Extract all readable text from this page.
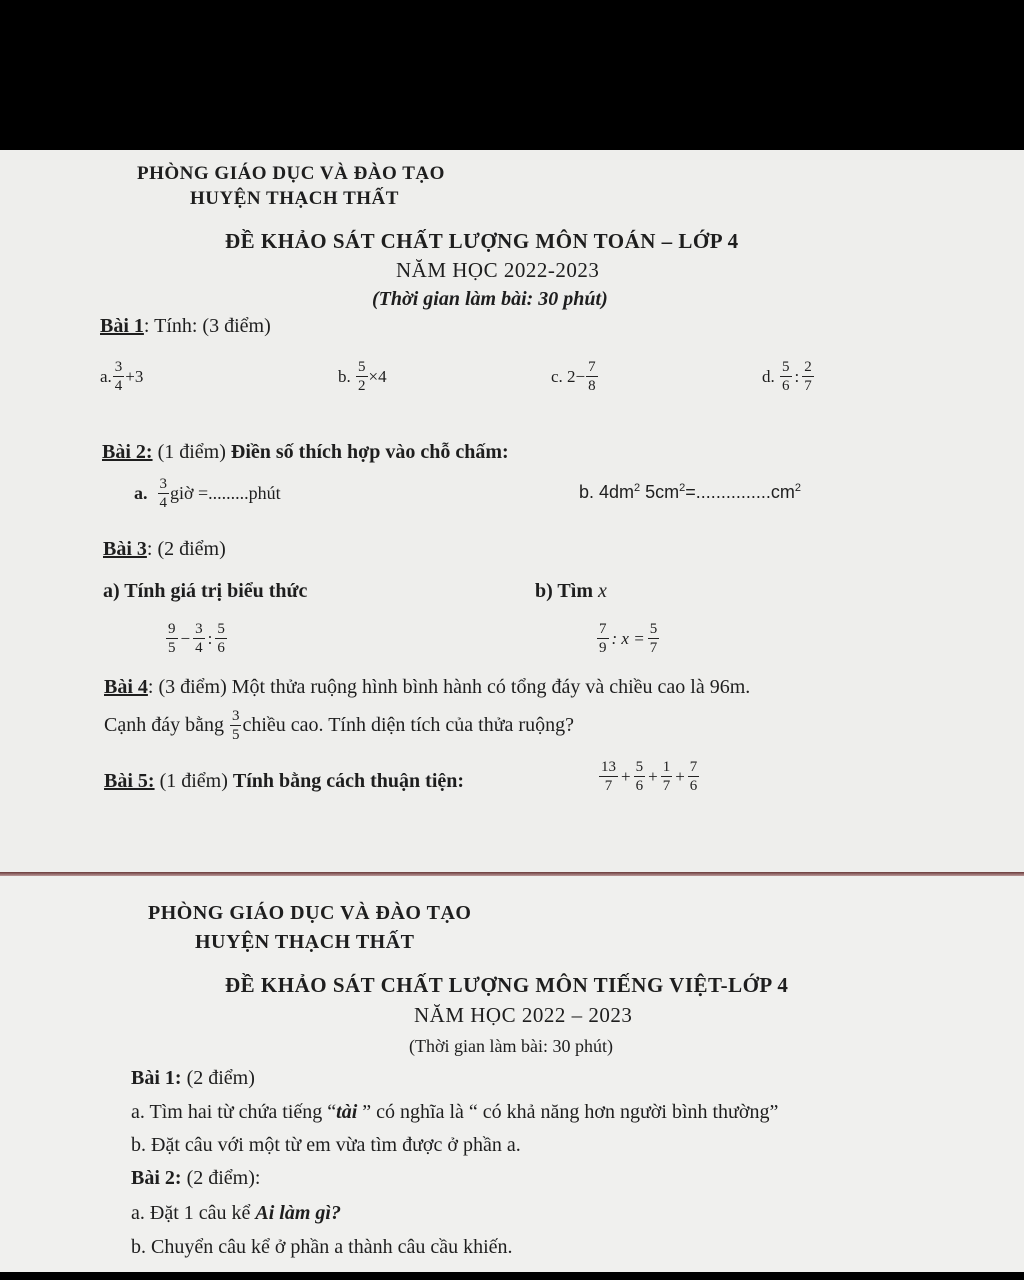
PHÒNG GIÁO DỤC VÀ ĐÀO TẠO
HUYỆN THẠCH THẤT
ĐỀ KHẢO SÁT CHẤT LƯỢNG MÔN TOÁN – LỚP 4
NĂM HỌC 2022-2023
(Thời gian làm bài: 30 phút)
Bài 1: Tính: (3 điểm)
a. $\frac{3}{4} +3$	b.
$\frac{5}{2} \times 4$	c. $2- \frac{7}{8}$	d.
$\frac{5}{6}$ : $\frac{2}{7}$
Bài 2: (1 điểm) Điền số thích hợp vào chỗ chấm:
a.
$\frac{3}{4}$ giờ =.........phút	b. $4dm^2$ $5cm^2=...............cm^2$
Bài 3: (2 điểm)
a) Tính giá trị biểu thức	b) Tìm x
$\frac{9}{5} - \frac{3}{4}$ : $\frac{5}{6}$	$\frac{7}{9}$ : $x = \frac{5}{7}$
Bài 4: (3 điểm) Một thửa ruộng hình bình hành có tổng đáy và chiều cao là 96m.
Cạnh đáy bằng
$\frac{3}{5}$ chiều cao. Tính diện tích của thửa ruộng?
Bài 5: (1 điểm) Tính bằng cách thuận tiện:	$\frac{13}{7} + \frac{5}{6} + \frac{1}{7} + \frac{7}{6}$
PHÒNG GIÁO DỤC VÀ ĐÀO TẠO
HUYỆN THẠCH THẤT
ĐỀ KHẢO SÁT CHẤT LƯỢNG MÔN TIẾNG VIỆT-LỚP 4
NĂM HỌC 2022 – 2023
(Thời gian làm bài: 30 phút)
Bài 1: (2 điểm)
a. Tìm hai từ chứa tiếng “tài ” có nghĩa là “ có khả năng hơn người bình thường”
b. Đặt câu với một từ em vừa tìm được ở phần a.
Bài 2: (2 điểm):
a. Đặt 1 câu kể Ai làm gì?
b. Chuyển câu kể ở phần a thành câu cầu khiến.
